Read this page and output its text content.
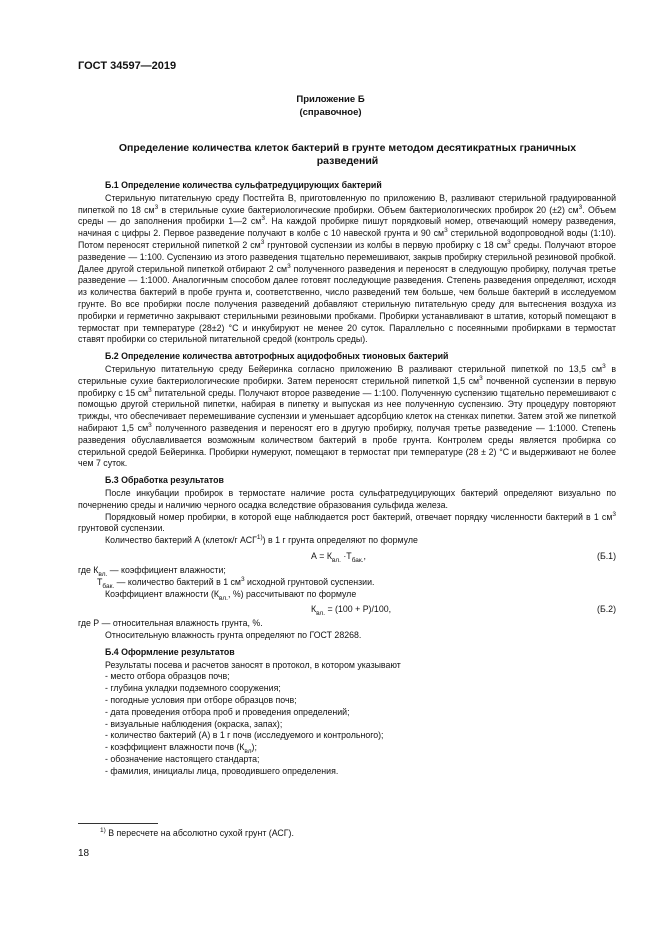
ГОСТ 34597—2019
Приложение Б
(справочное)
Определение количества клеток бактерий в грунте методом десятикратных граничных разведений
Б.1 Определение количества сульфатредуцирующих бактерий

Стерильную питательную среду Постгейта В, приготовленную по приложению В, разливают стерильной градуированной пипеткой по 18 $см^3$ в стерильные сухие бактериологические пробирки. Объем бактериологических пробирок 20 (±2) $см^3$. Объем среды — до заполнения пробирки 1—2 $см^3$. На каждой пробирке пишут порядковый номер, отвечающий номеру разведения, начиная с цифры 2. Первое разведение получают в колбе с 10 навеской грунта и 90 $см^3$ стерильной водопроводной воды (1:10). Потом переносят стерильной пипеткой 2 $см^3$ грунтовой суспензии из колбы в первую пробирку с 18 $см^3$ среды. Получают второе разведение — 1:100. Суспензию из этого разведения тщательно перемешивают, закрыв пробирку стерильной резиновой пробкой. Далее другой стерильной пипеткой отбирают 2 $см^3$ полученного разведения и переносят в следующую пробирку, получая третье разведение — 1:1000. Аналогичным способом далее готовят последующие разведения. Степень разведения определяют, исходя из количества бактерий в пробе грунта и, соответственно, число разведений тем больше, чем больше бактерий в исследуемом грунте. Во все пробирки после получения разведений добавляют стерильную питательную среду для вытеснения воздуха из пробирки и герметично закрывают стерильными резиновыми пробками. Пробирки устанавливают в штатив, который помещают в термостат при температуре (28±2) °С и инкубируют не менее 20 суток. Параллельно с посеянными пробирками в термостат ставят пробирки со стерильной питательной средой (контроль среды).

Б.2 Определение количества автотрофных ацидофобных тионовых бактерий

Стерильную питательную среду Бейеринка согласно приложению В разливают стерильной пипеткой по 13,5 $см^3$ в стерильные сухие бактериологические пробирки. Затем переносят стерильной пипеткой 1,5 $см^3$ почвенной суспензии в первую пробирку с 15 $см^3$ питательной среды. Получают второе разведение — 1:100. Полученную суспензию тщательно перемешивают с помощью другой стерильной пипетки, набирая в пипетку и выпуская из нее полученную суспензию. Эту процедуру повторяют трижды, что обеспечивает перемешивание суспензии и уменьшает адсорбцию клеток на стенках пипетки. Затем этой же пипеткой набирают 1,5 $см^3$ полученного разведения и переносят его в другую пробирку, получая третье разведение — 1:1000. Степень разведения обуславливается возможным количеством бактерий в пробе грунта. Контролем среды является пробирка со стерильной средой Бейеринка. Пробирки нумеруют, помещают в термостат при температуре (28 ± 2) °С и выдерживают не более чем 7 суток.

Б.3 Обработка результатов

После инкубации пробирок в термостате наличие роста сульфатредуцирующих бактерий определяют визуально по почернению среды и наличию черного осадка вследствие образования сульфида железа.

Порядковый номер пробирки, в которой еще наблюдается рост бактерий, отвечает порядку численности бактерий в 1 $см^3$ грунтовой суспензии.

Количество бактерий А (клеток/г АСГ$^{1)}$) в 1 г грунта определяют по формуле

$А = К_{вл.} \cdot Т_{бак.}$,	(Б.1)
где $К_{вл.}$ — коэффициент влажности;
$Т_{бак.}$ — количество бактерий в 1 $см^3$ исходной грунтовой суспензии.

Коэффициент влажности ($К_{вл.}$, %) рассчитывают по формуле

$К_{вл.} = (100 + Р)/100$,	(Б.2)
где Р — относительная влажность грунта, %.

Относительную влажность грунта определяют по ГОСТ 28268.

Б.4 Оформление результатов

Результаты посева и расчетов заносят в протокол, в котором указывают

- место отбора образцов почв;
- глубина укладки подземного сооружения;
- погодные условия при отборе образцов почв;
- дата проведения отбора проб и проведения определений;
- визуальные наблюдения (окраска, запах);
- количество бактерий (А) в 1 г почв (исследуемого и контрольного);
- коэффициент влажности почв $(К_{вл})$;
- обозначение настоящего стандарта;
- фамилия, инициалы лица, проводившего определения.
$^{1)}$ В пересчете на абсолютно сухой грунт (АСГ).
18
